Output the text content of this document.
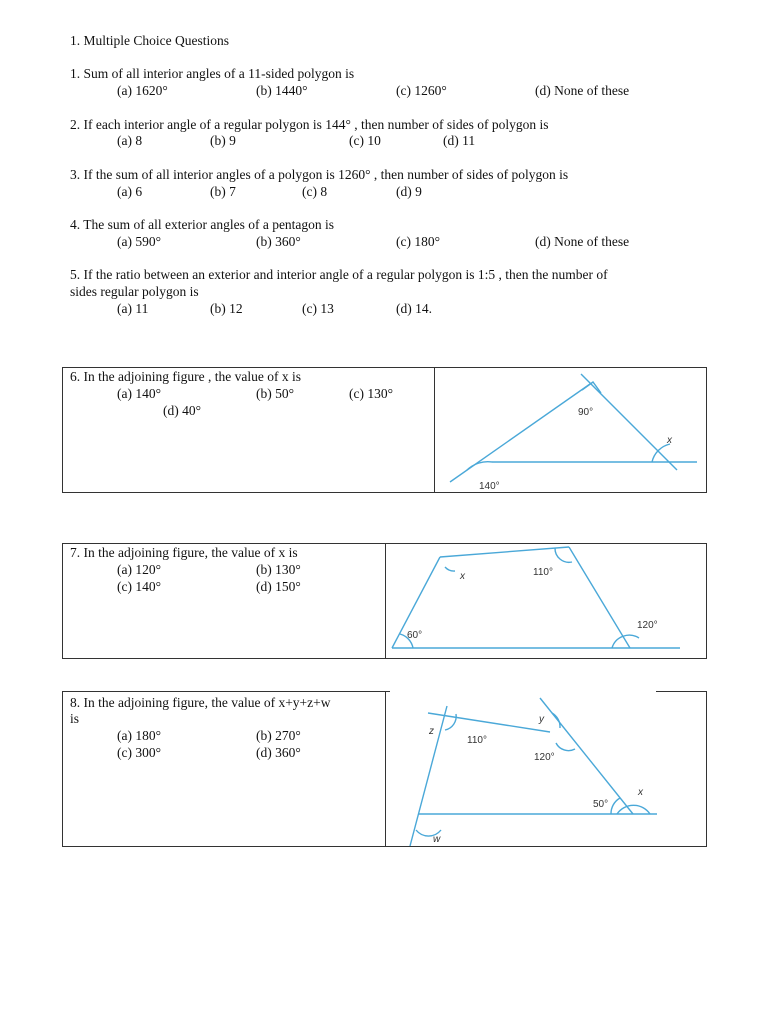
1. Multiple Choice Questions
1. Sum of all interior angles of a 11-sided polygon is
(a) 1620°	(b) 1440°	(c) 1260°	(d) None of these
2. If each interior angle of a regular polygon is 144° , then number of sides of polygon is
(a) 8	(b) 9	(c) 10	(d) 11
3. If the sum of all interior angles of a polygon is 1260° , then number of sides of polygon is
(a) 6	(b) 7	(c) 8	(d) 9
4. The sum of all exterior angles of a pentagon is
(a) 590°	(b) 360°	(c) 180°	(d) None of these
5. If the ratio between an exterior and interior angle of a regular polygon is 1:5 , then the number of
sides regular polygon is
(a) 11	(b) 12	(c) 13	(d) 14.
6. In the adjoining figure , the value of x is
(a) 140°	(b) 50°	(c) 130°
(d) 40°	90°
x
140°
7. In the adjoining figure, the value of x is
(a) 120°	(b) 130°
(c) 140°	(d) 150°
x	110°
60°
120°
8. In the adjoining figure, the value of x+y+z+w
is
(a) 180°	(b) 270°
(c) 300°	(d) 360°
z
110°
y
120°
50°
x
w
